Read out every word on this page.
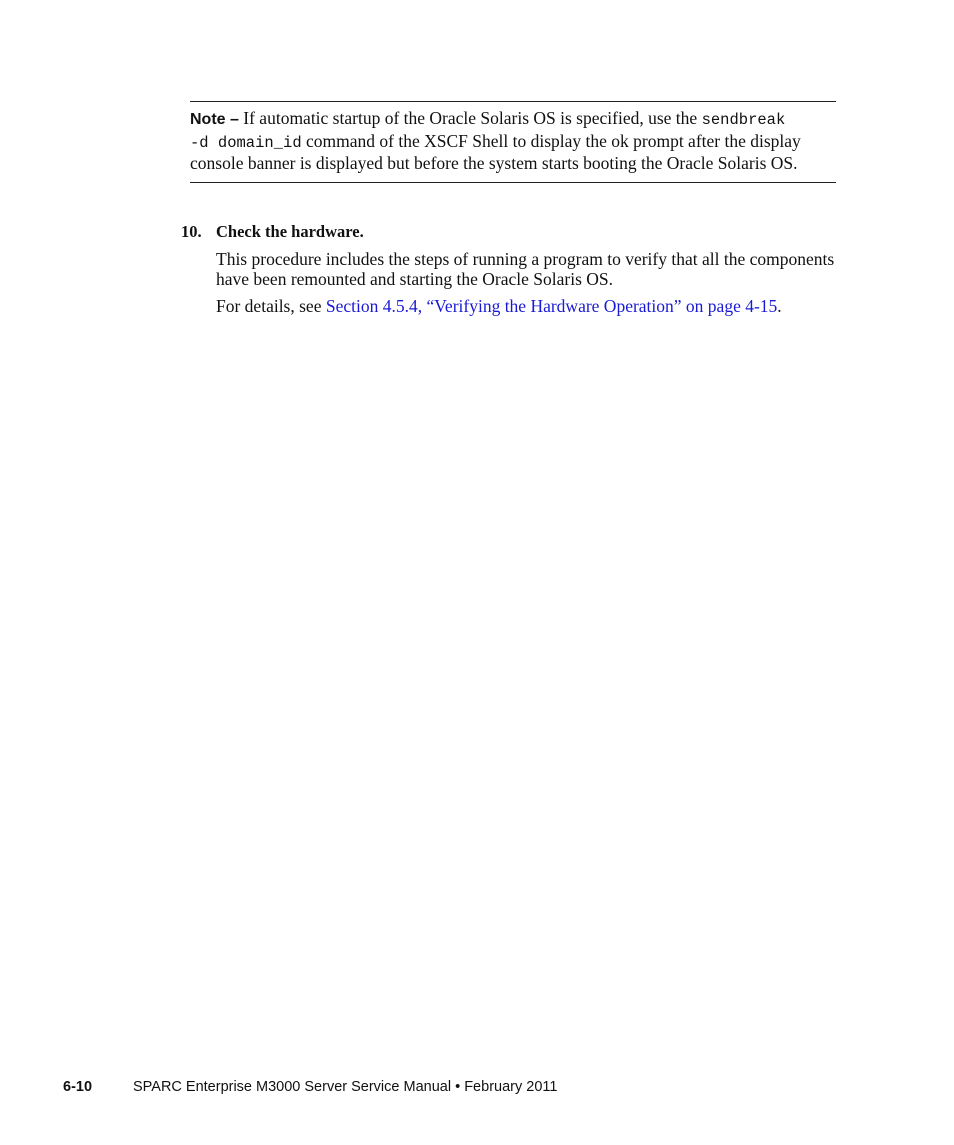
Note – If automatic startup of the Oracle Solaris OS is specified, use the sendbreak
-d domain_id command of the XSCF Shell to display the ok prompt after the display console banner is displayed but before the system starts booting the Oracle Solaris OS.
10. Check the hardware.

This procedure includes the steps of running a program to verify that all the components have been remounted and starting the Oracle Solaris OS.

For details, see Section 4.5.4, “Verifying the Hardware Operation” on page 4-15.

6-10	SPARC Enterprise M3000 Server Service Manual • February 2011
